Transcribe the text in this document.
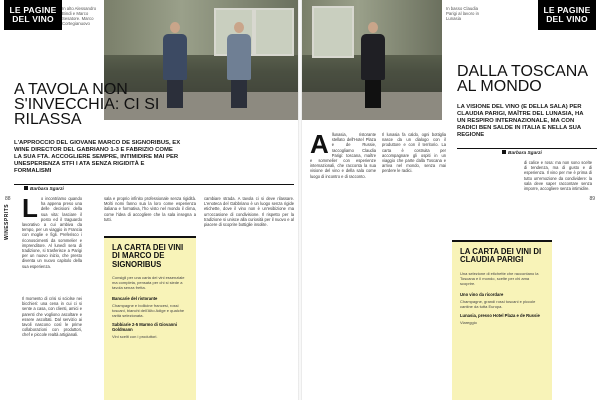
LE PAGINE DEL VINO
In alto Alessandro Bindi e Marco Sesatore. Marco Cortegianuovo
A TAVOLA NON S'INVECCHIA: CI SI RILASSA

L'APPROCCIO DEL GIOVANE MARCO DE SIGNORIBUS, EX WINE DIRECTOR DEL GABRIANO 1-3 E FABRIZIO COME LA SUA FTA. ACCOGLIERE SEMPRE, INTIMIDIRE MAI PER UNESPERIENZA STFI I ATA SENZA RIGIDITÀ E FORMALISMI

Barbara Sgarzi
WINESPRITS
88 Lo incontriamo quando ha appena preso una delle decisioni della sua vita: lasciare il posto ed il traguardo lavorativo a cui ambiva da tempo, per un viaggio in Francia con moglie e figli. Preferisco i riconoscimenti da sommelier e imprenditore. Al lunedì sera di tradizione, si trasferisce a Parigi per un nuovo inizio, che presto diventa un nuovo capitolo della sua esperienza.

Il momento di crisi si sciolse nei bicchieri: una cena in cui ci si sente a casa, con clienti, amici e parenti che vogliono ascoltare e essere ascoltati. Dal servizio ai tavoli nascono così le prime collaborazioni con produttori, chef e piccole realtà artigianali.

sala e proprio infinito professionale senza rigidità. Molti nomi fanno sua la loro come esperienza italiana e formativa, l'ho visto nel mondo il clima, come l'idea di accogliere che la sala insegna a tutti.

cambiare strada. A tavola ci si deve rilassare. L'enoteca del Gabbriano è un luogo senza rigide etichette, dove il vino non è un'esibizione ma un'occasione di condivisione. Il rispetto per la tradizione si unisce alla curiosità per il nuovo e al piacere di scoprire bottiglie insolite.

LA CARTA DEI VINI DI MARCO DE SIGNORIBUS

Consigli per una carta dei vini essenziale ma completa, pensata per chi si siede a tavola senza fretta.

Bancarie del ristorante

Champagne e bollicine francesi, rossi toscani, bianchi dell'Alto Adige e qualche rarità selezionata.

Sabbiarie 2-5 Marmo di Giovanni Goldmann

Vini scelti con i produttori.

In basso Claudia Parigi al lavoro in Lunasia
LE PAGINE DEL VINO
DALLA TOSCANA AL MONDO

LA VISIONE DEL VINO (E DELLA SALA) PER CLAUDIA PARIGI, MAÎTRE DEL LUNASIA, HA UN RESPIRO INTERNAZIONALE, MA CON RADICI BEN SALDE IN ITALIA E NELLA SUA REGIONE

Barbara Sgarzi
89

Allunasia, ristorante stellato dell'Hotel Plaza e de Russie, raccogliamo Claudia Parigi: toscana, maître e sommelier con esperienze internazionali, che racconta la sua visione del vino e della sala come luogo di incontro e di racconto.

Il lunasia fa caldo, ogni bottiglia nasce da un dialogo con il produttore e con il territorio. La carta è costruita per accompagnare gli ospiti in un viaggio che parte dalla Toscana e arriva nel mondo, senza mai perdere le radici.

di calice e rosa: ma non sono scelte di tendenza, ma di gusto e di esperienza. Il vino per me è prima di tutto un'emozione da condividere: la sala deve saper raccontare senza imporre, accogliere senza intimidire.

LA CARTA DEI VINI DI CLAUDIA PARIGI

Una selezione di etichette che raccontano la Toscana e il mondo, scelte per chi ama scoprire.

Uno vino da ricordare

Champagne, grandi rossi toscani e piccole cantine da tutta Europa.

Lunasia, presso Hotel Plaza e de Russie

Viareggio
